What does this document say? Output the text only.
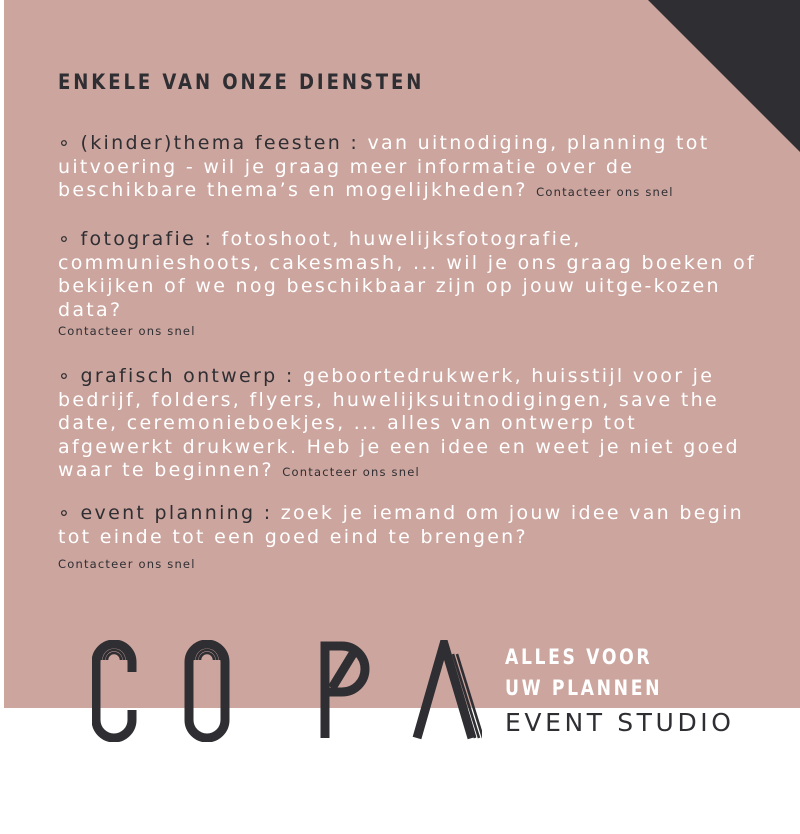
ENKELE VAN ONZE DIENSTEN
∘ (kinder)thema feesten : van uitnodiging, planning tot uitvoering - wil je graag meer informatie over de beschikbare thema’s en mogelijkheden? Contacteer ons snel
∘ fotografie : fotoshoot, huwelijksfotografie, communieshoots, cakesmash, ... wil je ons graag boeken of bekijken of we nog beschikbaar zijn op jouw uitge-kozen data?
Contacteer ons snel
∘ grafisch ontwerp : geboortedrukwerk, huisstijl voor je bedrijf, folders, flyers, huwelijksuitnodigingen, save the date, ceremonieboekjes, ... alles van ontwerp tot afgewerkt drukwerk. Heb je een idee en weet je niet goed waar te beginnen? Contacteer ons snel
∘ event planning : zoek je iemand om jouw idee van begin tot einde tot een goed eind te brengen?
Contacteer ons snel
ALLES VOOR
UW PLANNEN
EVENT STUDIO
